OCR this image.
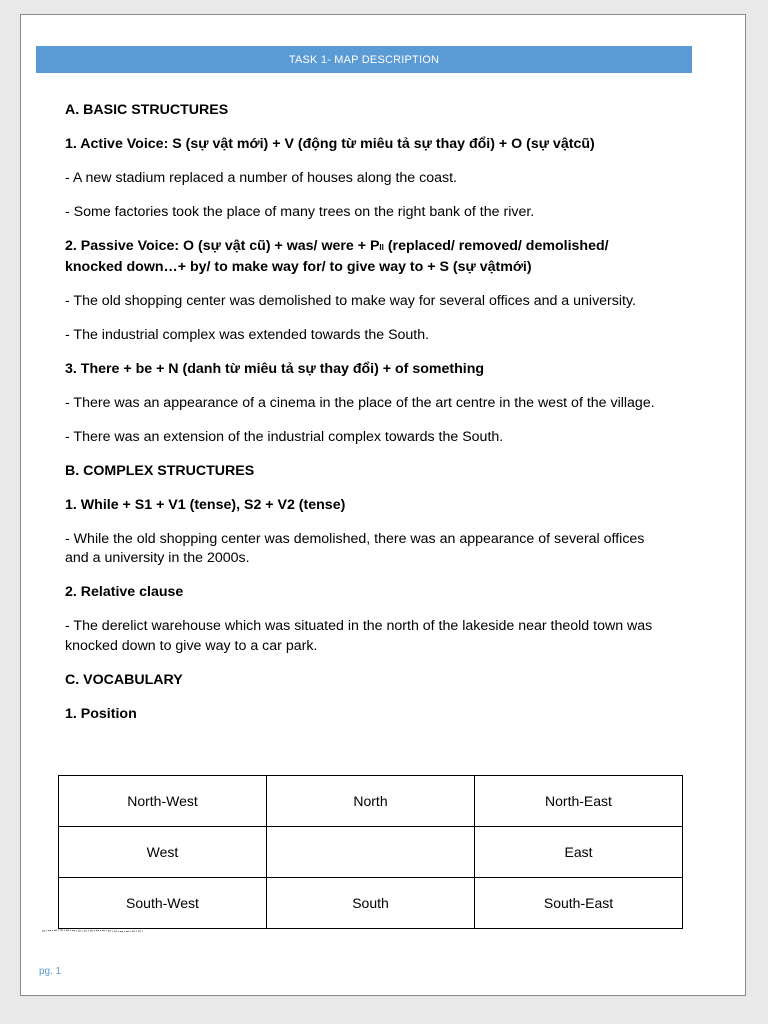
TASK 1- MAP DESCRIPTION

A. BASIC STRUCTURES

1. Active Voice: S (sự vật mới) + V (động từ miêu tả sự thay đổi) + O (sự vậtcũ)

- A new stadium replaced a number of houses along the coast.

- Some factories took the place of many trees on the right bank of the river.

2. Passive Voice: O (sự vật cũ) + was/ were + PII (replaced/ removed/ demolished/ knocked down…+ by/ to make way for/ to give way to + S (sự vậtmới)

- The old shopping center was demolished to make way for several offices and a university.

- The industrial complex was extended towards the South.

3. There + be + N (danh từ miêu tả sự thay đổi) + of something

- There was an appearance of a cinema in the place of the art centre in the west of the village.

- There was an extension of the industrial complex towards the South.

B. COMPLEX STRUCTURES

1. While + S1 + V1 (tense), S2 + V2 (tense)

- While the old shopping center was demolished, there was an appearance of several offices and a university in the 2000s.

2. Relative clause

- The derelict warehouse which was situated in the north of the lakeside near theold town was knocked down to give way to a car park.

C. VOCABULARY

1. Position

North-West	North	North-East
West		East
South-West	South	South-East
pg. 1
